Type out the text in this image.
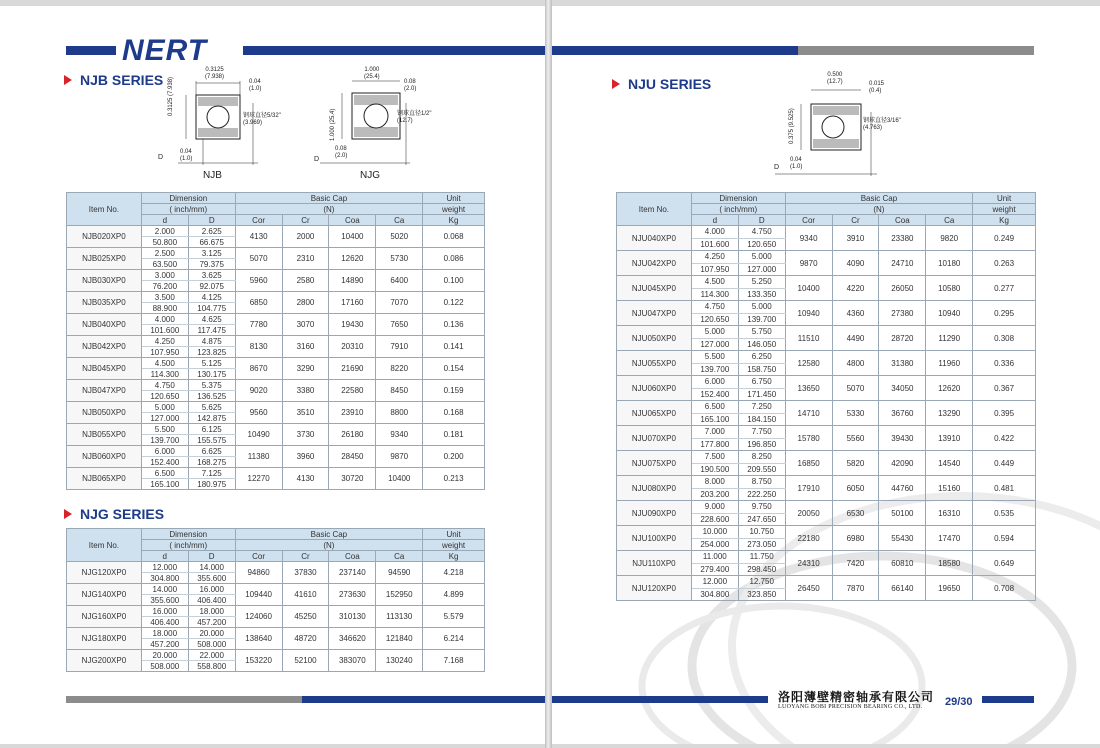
NERT
NJB SERIES
0.3125
(7.938)
0.04
(1.0)
0.3125 (7.938)
钢球直径5/32"
(3.969)
0.04
(1.0)
D
NJB
1.000
(25.4)
0.08
(2.0)
1.000 (25.4)	钢球直径1/2"
(12.7)
0.08
(2.0)
D
NJG
Item No.	Dimension		Basic Cap				Unit
	( inch/mm)		(N)				weight
	d	D	Cor	Cr	Coa	Ca	Kg
NJB020XP0	2.000	2.625	4130	2000	10400	5020	0.068
	50.800	66.675					
NJB025XP0	2.500	3.125	5070	2310	12620	5730	0.086
	63.500	79.375					
NJB030XP0	3.000	3.625	5960	2580	14890	6400	0.100
	76.200	92.075					
NJB035XP0	3.500	4.125	6850	2800	17160	7070	0.122
	88.900	104.775					
NJB040XP0	4.000	4.625	7780	3070	19430	7650	0.136
	101.600	117.475					
NJB042XP0	4.250	4.875	8130	3160	20310	7910	0.141
	107.950	123.825					
NJB045XP0	4.500	5.125	8670	3290	21690	8220	0.154
	114.300	130.175					
NJB047XP0	4.750	5.375	9020	3380	22580	8450	0.159
	120.650	136.525					
NJB050XP0	5.000	5.625	9560	3510	23910	8800	0.168
	127.000	142.875					
NJB055XP0	5.500	6.125	10490	3730	26180	9340	0.181
	139.700	155.575					
NJB060XP0	6.000	6.625	11380	3960	28450	9870	0.200
	152.400	168.275					
NJB065XP0	6.500	7.125	12270	4130	30720	10400	0.213
	165.100	180.975					
NJG SERIES
Item No.	Dimension		Basic Cap				Unit
	( inch/mm)		(N)				weight
	d	D	Cor	Cr	Coa	Ca	Kg
NJG120XP0	12.000	14.000	94860	37830	237140	94590	4.218
	304.800	355.600					
NJG140XP0	14.000	16.000	109440	41610	273630	152950	4.899
	355.600	406.400					
NJG160XP0	16.000	18.000	124060	45250	310130	113130	5.579
	406.400	457.200					
NJG180XP0	18.000	20.000	138640	48720	346620	121840	6.214
	457.200	508.000					
NJG200XP0	20.000	22.000	153220	52100	383070	130240	7.168
	508.000	558.800					
NJU SERIES
0.500
(12.7)	0.015
(0.4)
0.375 (9.525)	钢球直径3/16"
(4.763)
0.04
(1.0)
D
Item No.	Dimension		Basic Cap				Unit
	( inch/mm)		(N)				weight
	d	D	Cor	Cr	Coa	Ca	Kg
NJU040XP0	4.000	4.750	9340	3910	23380	9820	0.249
	101.600	120.650					
NJU042XP0	4.250	5.000	9870	4090	24710	10180	0.263
	107.950	127.000					
NJU045XP0	4.500	5.250	10400	4220	26050	10580	0.277
	114.300	133.350					
NJU047XP0	4.750	5.000	10940	4360	27380	10940	0.295
	120.650	139.700					
NJU050XP0	5.000	5.750	11510	4490	28720	11290	0.308
	127.000	146.050					
NJU055XP0	5.500	6.250	12580	4800	31380	11960	0.336
	139.700	158.750					
NJU060XP0	6.000	6.750	13650	5070	34050	12620	0.367
	152.400	171.450					
NJU065XP0	6.500	7.250	14710	5330	36760	13290	0.395
	165.100	184.150					
NJU070XP0	7.000	7.750	15780	5560	39430	13910	0.422
	177.800	196.850					
NJU075XP0	7.500	8.250	16850	5820	42090	14540	0.449
	190.500	209.550					
NJU080XP0	8.000	8.750	17910	6050	44760	15160	0.481
	203.200	222.250					
NJU090XP0	9.000	9.750	20050	6530	50100	16310	0.535
	228.600	247.650					
NJU100XP0	10.000	10.750	22180	6980	55430	17470	0.594
	254.000	273.050					
NJU110XP0	11.000	11.750	24310	7420	60810	18580	0.649
	279.400	298.450					
NJU120XP0	12.000	12.750	26450	7870	66140	19650	0.708
	304.800	323.850					
洛阳薄壁精密轴承有限公司
LUOYANG BOBI PRECISION BEARING CO., LTD. 29/30
